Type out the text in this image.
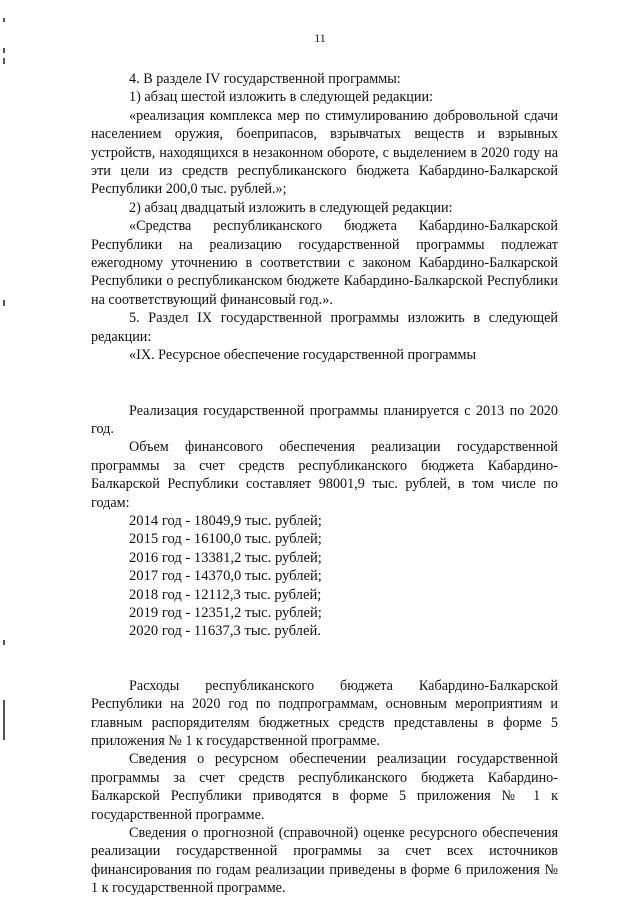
11

4. В разделе IV государственной программы:

1) абзац шестой изложить в следующей редакции:

«реализация комплекса мер по стимулированию добровольной сдачи населением оружия, боеприпасов, взрывчатых веществ и взрывных устройств, находящихся в незаконном обороте, с выделением в 2020 году на эти цели из средств республиканского бюджета Кабардино-Балкарской Республики 200,0 тыс. рублей.»;

2) абзац двадцатый изложить в следующей редакции:

«Средства республиканского бюджета Кабардино-Балкарской Республики на реализацию государственной программы подлежат ежегодному уточнению в соответствии с законом Кабардино-Балкарской Республики о республиканском бюджете Кабардино-Балкарской Республики на соответствующий финансовый год.».

5. Раздел IX государственной программы изложить в следующей редакции:

«IX. Ресурсное обеспечение государственной программы

Реализация государственной программы планируется с 2013 по 2020 год.

Объем финансового обеспечения реализации государственной программы за счет средств республиканского бюджета Кабардино-Балкарской Республики составляет 98001,9 тыс. рублей, в том числе по годам:

2014 год - 18049,9 тыс. рублей;
2015 год - 16100,0 тыс. рублей;
2016 год - 13381,2 тыс. рублей;
2017 год - 14370,0 тыс. рублей;
2018 год - 12112,3 тыс. рублей;
2019 год - 12351,2 тыс. рублей;
2020 год - 11637,3 тыс. рублей.

Расходы республиканского бюджета Кабардино-Балкарской Республики на 2020 год по подпрограммам, основным мероприятиям и главным распорядителям бюджетных средств представлены в форме 5 приложения № 1 к государственной программе.

Сведения о ресурсном обеспечении реализации государственной программы за счет средств республиканского бюджета Кабардино-Балкарской Республики приводятся в форме 5 приложения № 1 к государственной программе.

Сведения о прогнозной (справочной) оценке ресурсного обеспечения реализации государственной программы за счет всех источников финансирования по годам реализации приведены в форме 6 приложения № 1 к государственной программе.
